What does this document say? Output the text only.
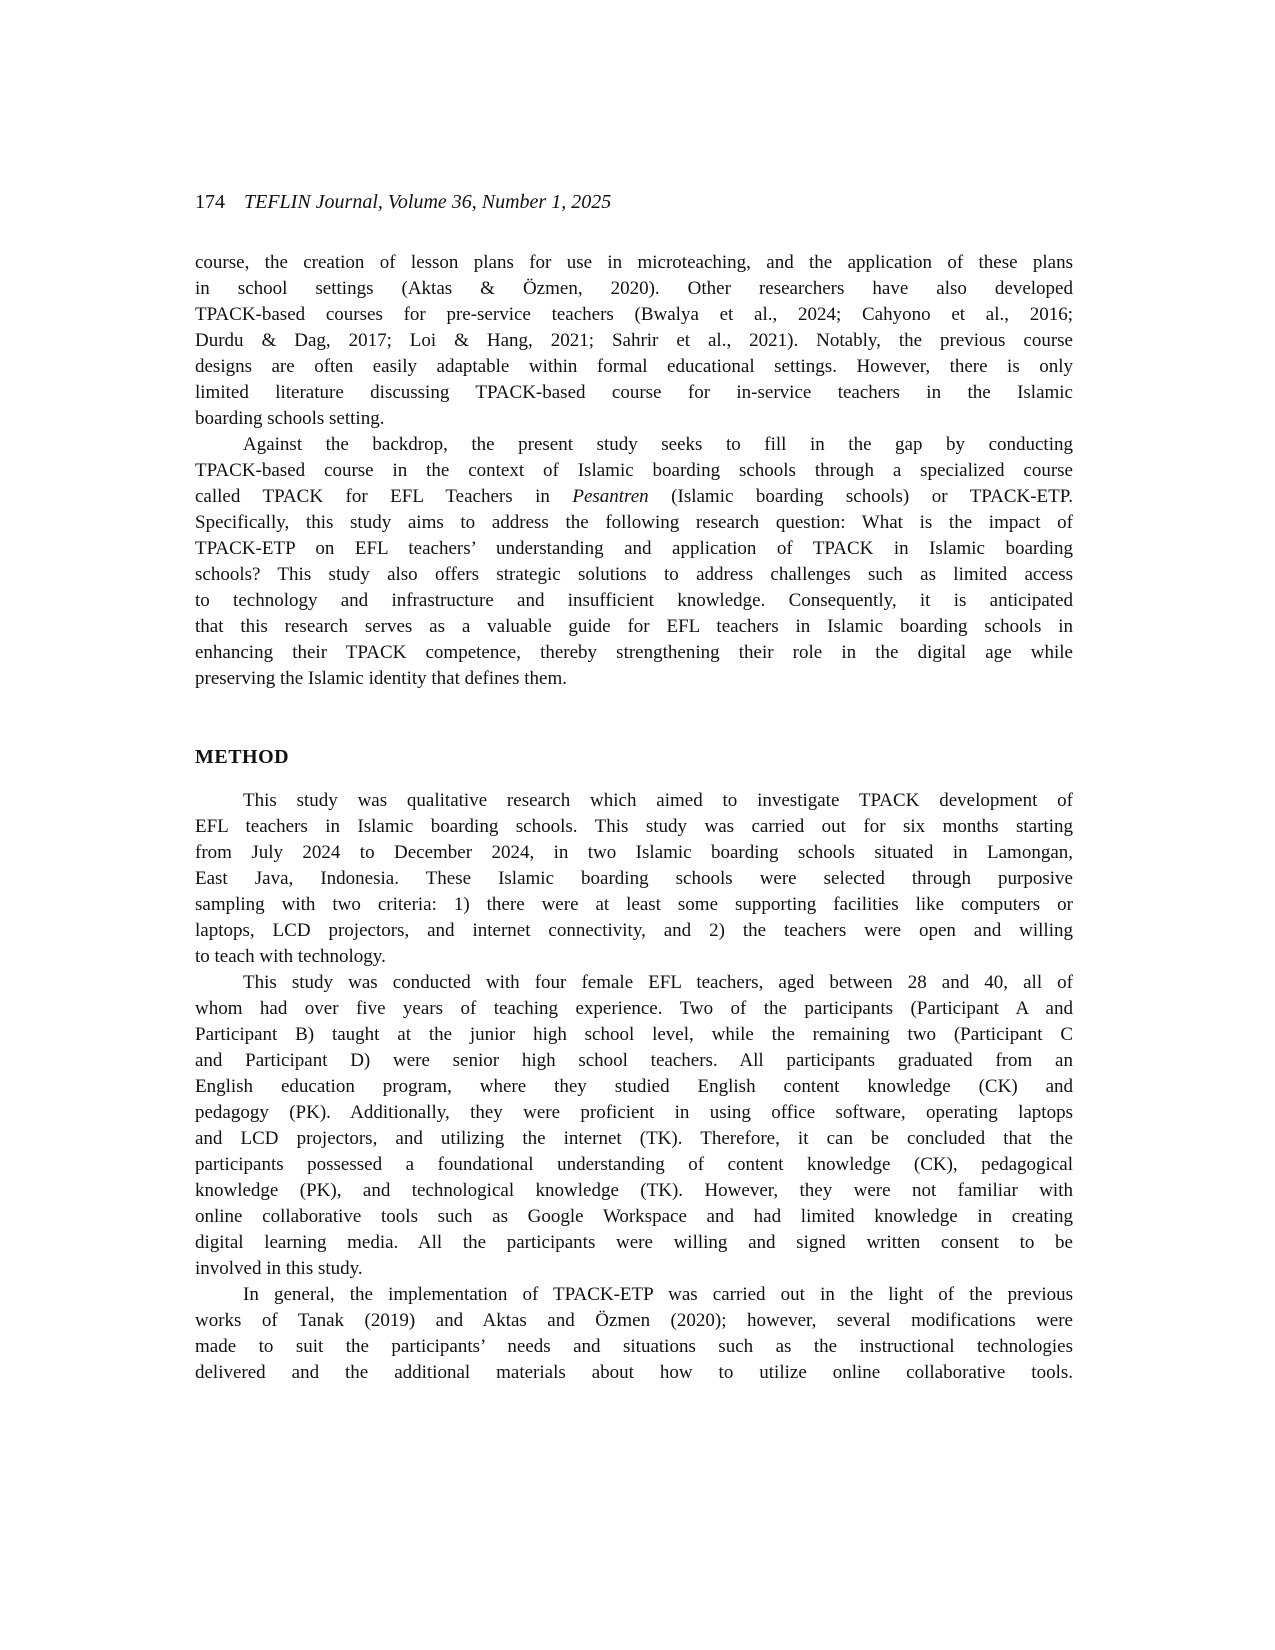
174 TEFLIN Journal, Volume 36, Number 1, 2025
course, the creation of lesson plans for use in microteaching, and the application of these plans
in school settings (Aktas & Özmen, 2020). Other researchers have also developed
TPACK-based courses for pre-service teachers (Bwalya et al., 2024; Cahyono et al., 2016;
Durdu & Dag, 2017; Loi & Hang, 2021; Sahrir et al., 2021). Notably, the previous course
designs are often easily adaptable within formal educational settings. However, there is only
limited literature discussing TPACK-based course for in-service teachers in the Islamic
boarding schools setting.
Against the backdrop, the present study seeks to fill in the gap by conducting
TPACK-based course in the context of Islamic boarding schools through a specialized course
called TPACK for EFL Teachers in Pesantren (Islamic boarding schools) or TPACK-ETP.
Specifically, this study aims to address the following research question: What is the impact of
TPACK-ETP on EFL teachers’ understanding and application of TPACK in Islamic boarding
schools? This study also offers strategic solutions to address challenges such as limited access
to technology and infrastructure and insufficient knowledge. Consequently, it is anticipated
that this research serves as a valuable guide for EFL teachers in Islamic boarding schools in
enhancing their TPACK competence, thereby strengthening their role in the digital age while
preserving the Islamic identity that defines them.
METHOD
This study was qualitative research which aimed to investigate TPACK development of
EFL teachers in Islamic boarding schools. This study was carried out for six months starting
from July 2024 to December 2024, in two Islamic boarding schools situated in Lamongan,
East Java, Indonesia. These Islamic boarding schools were selected through purposive
sampling with two criteria: 1) there were at least some supporting facilities like computers or
laptops, LCD projectors, and internet connectivity, and 2) the teachers were open and willing
to teach with technology.
This study was conducted with four female EFL teachers, aged between 28 and 40, all of
whom had over five years of teaching experience. Two of the participants (Participant A and
Participant B) taught at the junior high school level, while the remaining two (Participant C
and Participant D) were senior high school teachers. All participants graduated from an
English education program, where they studied English content knowledge (CK) and
pedagogy (PK). Additionally, they were proficient in using office software, operating laptops
and LCD projectors, and utilizing the internet (TK). Therefore, it can be concluded that the
participants possessed a foundational understanding of content knowledge (CK), pedagogical
knowledge (PK), and technological knowledge (TK). However, they were not familiar with
online collaborative tools such as Google Workspace and had limited knowledge in creating
digital learning media. All the participants were willing and signed written consent to be
involved in this study.
In general, the implementation of TPACK-ETP was carried out in the light of the previous
works of Tanak (2019) and Aktas and Özmen (2020); however, several modifications were
made to suit the participants’ needs and situations such as the instructional technologies
delivered and the additional materials about how to utilize online collaborative tools.
